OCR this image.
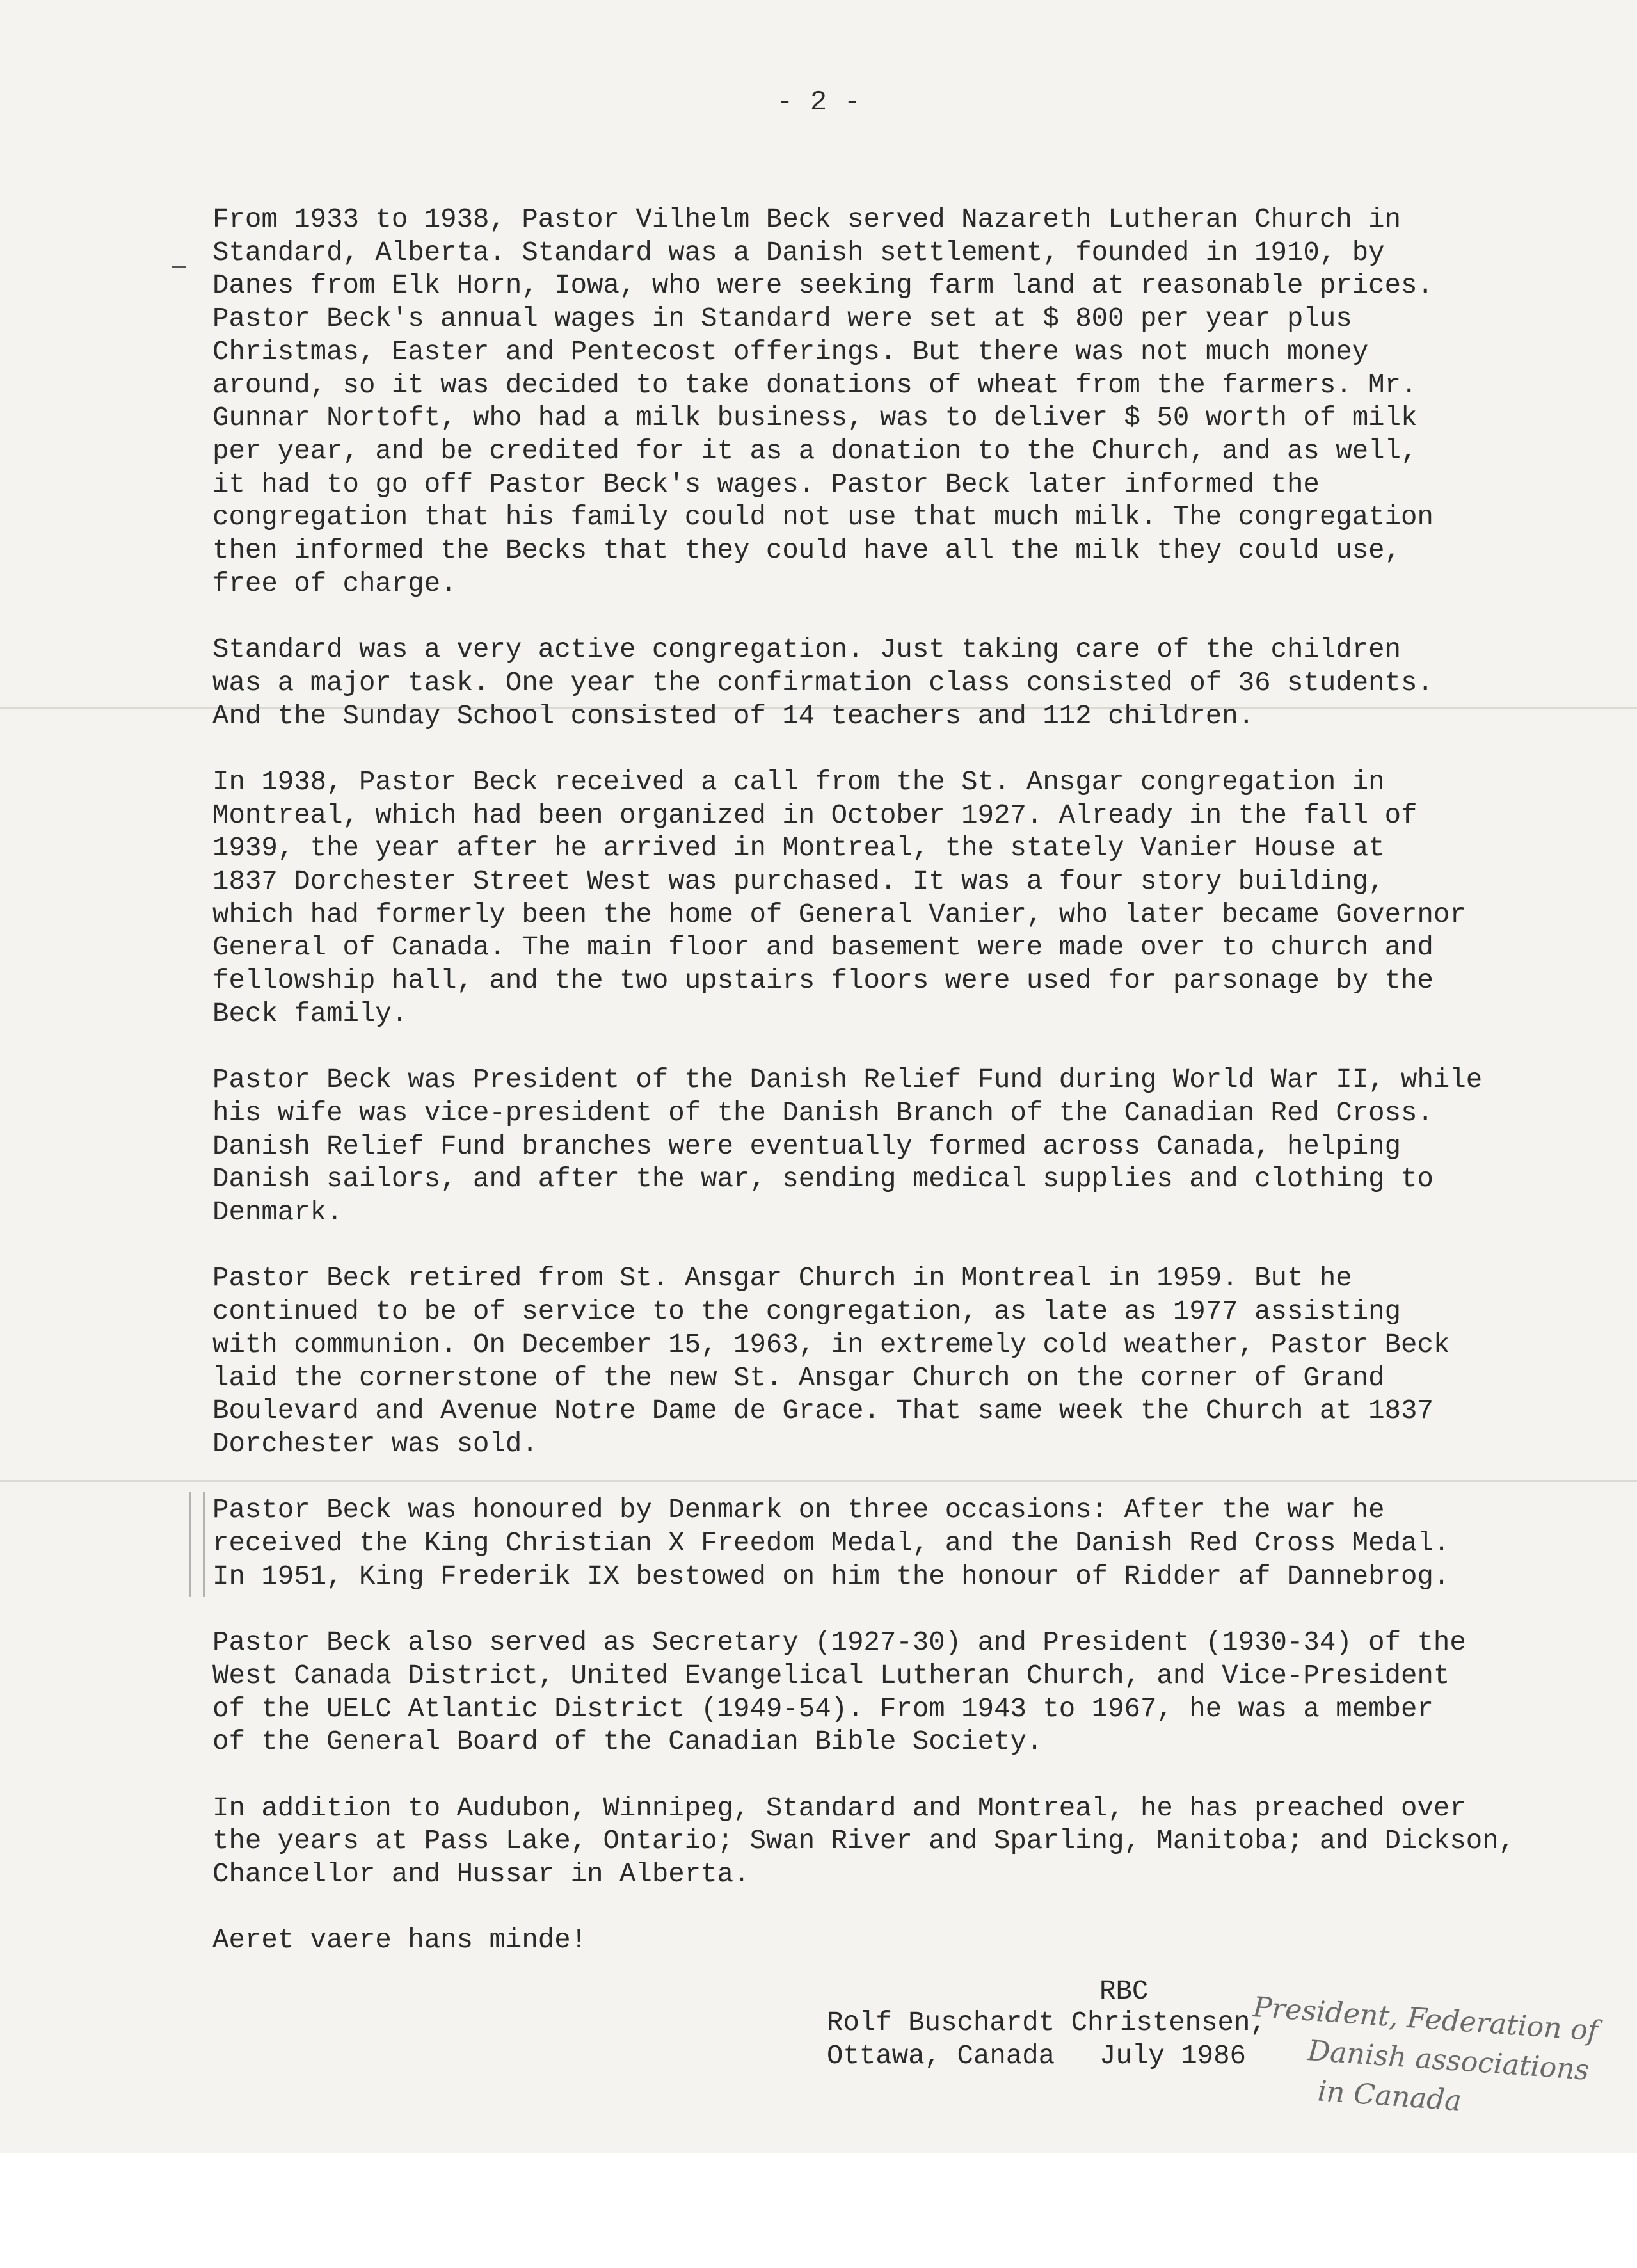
- 2 -

From 1933 to 1938, Pastor Vilhelm Beck served Nazareth Lutheran Church in
Standard, Alberta. Standard was a Danish settlement, founded in 1910, by
Danes from Elk Horn, Iowa, who were seeking farm land at reasonable prices.
Pastor Beck's annual wages in Standard were set at $ 800 per year plus
Christmas, Easter and Pentecost offerings. But there was not much money
around, so it was decided to take donations of wheat from the farmers. Mr.
Gunnar Nortoft, who had a milk business, was to deliver $ 50 worth of milk
per year, and be credited for it as a donation to the Church, and as well,
it had to go off Pastor Beck's wages. Pastor Beck later informed the
congregation that his family could not use that much milk. The congregation
then informed the Becks that they could have all the milk they could use,
free of charge.
Standard was a very active congregation. Just taking care of the children
was a major task. One year the confirmation class consisted of 36 students.
And the Sunday School consisted of 14 teachers and 112 children.
In 1938, Pastor Beck received a call from the St. Ansgar congregation in
Montreal, which had been organized in October 1927. Already in the fall of
1939, the year after he arrived in Montreal, the stately Vanier House at
1837 Dorchester Street West was purchased. It was a four story building,
which had formerly been the home of General Vanier, who later became Governor
General of Canada. The main floor and basement were made over to church and
fellowship hall, and the two upstairs floors were used for parsonage by the
Beck family.
Pastor Beck was President of the Danish Relief Fund during World War II, while
his wife was vice-president of the Danish Branch of the Canadian Red Cross.
Danish Relief Fund branches were eventually formed across Canada, helping
Danish sailors, and after the war, sending medical supplies and clothing to
Denmark.
Pastor Beck retired from St. Ansgar Church in Montreal in 1959. But he
continued to be of service to the congregation, as late as 1977 assisting
with communion. On December 15, 1963, in extremely cold weather, Pastor Beck
laid the cornerstone of the new St. Ansgar Church on the corner of Grand
Boulevard and Avenue Notre Dame de Grace. That same week the Church at 1837
Dorchester was sold.
Pastor Beck was honoured by Denmark on three occasions: After the war he
received the King Christian X Freedom Medal, and the Danish Red Cross Medal.
In 1951, King Frederik IX bestowed on him the honour of Ridder af Dannebrog.
Pastor Beck also served as Secretary (1927-30) and President (1930-34) of the
West Canada District, United Evangelical Lutheran Church, and Vice-President
of the UELC Atlantic District (1949-54). From 1943 to 1967, he was a member
of the General Board of the Canadian Bible Society.
In addition to Audubon, Winnipeg, Standard and Montreal, he has preached over
the years at Pass Lake, Ontario; Swan River and Sparling, Manitoba; and Dickson,
Chancellor and Hussar in Alberta.

Aeret vaere hans minde!

RBC
Rolf Buschardt Christensen,
Ottawa, Canada July 1986
President, Federation of
Danish associations
in Canada
